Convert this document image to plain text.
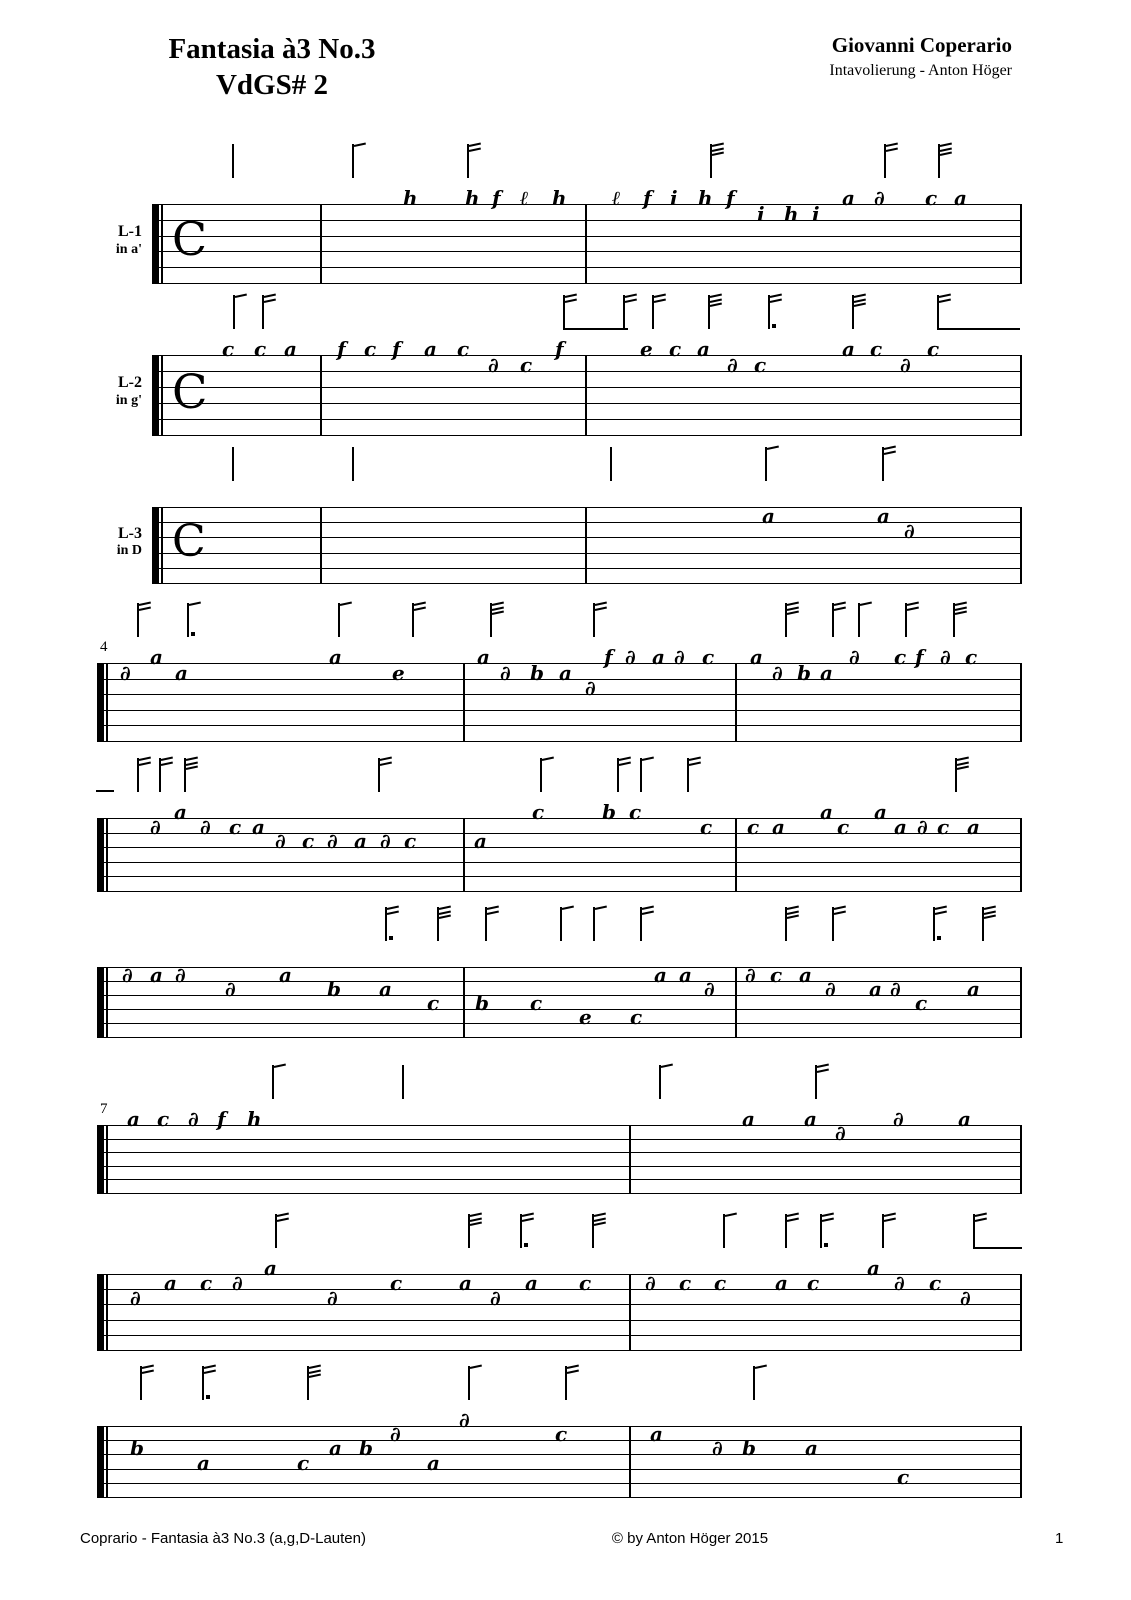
Fantasia à3 No.3
VdGS# 2
Giovanni Coperario
Intavolierung - Anton Höger
C
L-1
in a'
h h f ℓ h ℓ f i h f
i h i
a ∂ c a
C
L-2
in g'
c c a f c f a c
∂ c
f	e c a
∂ c
a c
∂
c
C
L-3
in D
a	a
∂
4
∂
a
a
a
e
a
∂ b a
∂
f ∂ a ∂ c a
∂ b a
∂ c f ∂ c
∂
a
∂ c a
∂ c ∂ a ∂ c	a
c	b c
c c a
a
c
a
a ∂ c a
∂ a ∂
∂
a
b a
c b c
e c
a a
∂
∂ c a
∂ a ∂
c
a
7 a c ∂ f h	a a
∂
∂	a
∂
a c ∂
a
∂
c	a
∂
a c	∂ c c a c
a
∂ c
∂
b
a	c
a b
∂
a
∂
c	a
∂ b a
c
Coprario - Fantasia à3 No.3 (a,g,D-Lauten)	© by Anton Höger 2015	1
